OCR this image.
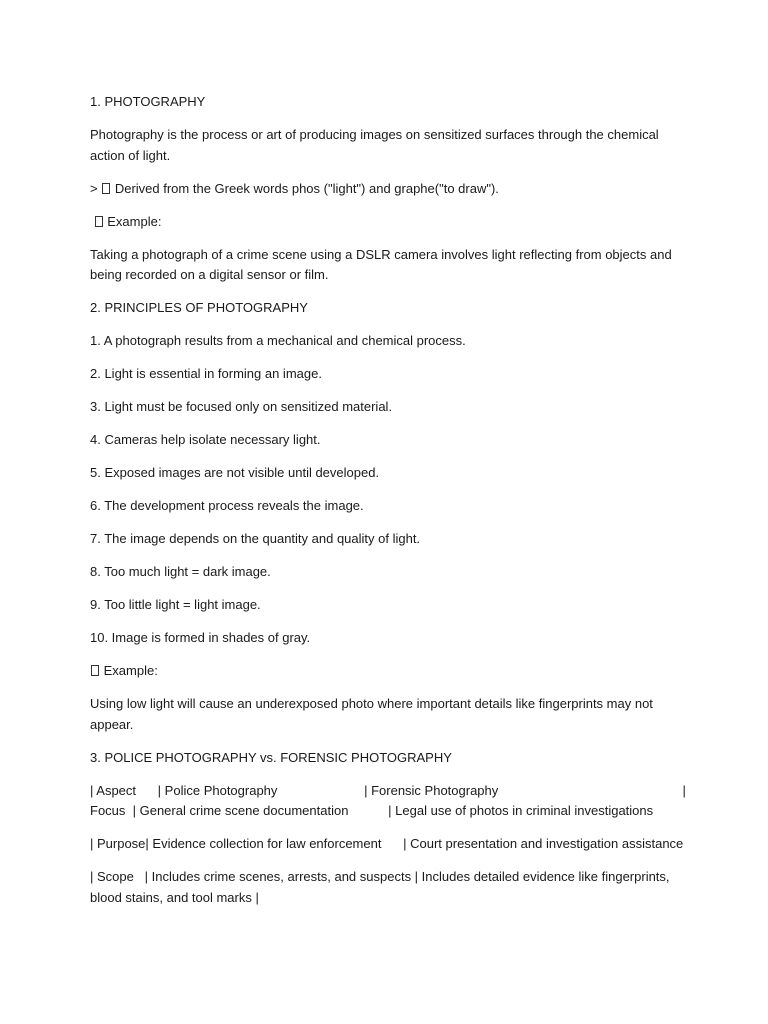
1. PHOTOGRAPHY

Photography is the process or art of producing images on sensitized surfaces through the chemical action of light.

>  Derived from the Greek words phos ("light") and graphe("to draw").

Example:

Taking a photograph of a crime scene using a DSLR camera involves light reflecting from objects and being recorded on a digital sensor or film.

2. PRINCIPLES OF PHOTOGRAPHY

1. A photograph results from a mechanical and chemical process.

2. Light is essential in forming an image.

3. Light must be focused only on sensitized material.

4. Cameras help isolate necessary light.

5. Exposed images are not visible until developed.

6. The development process reveals the image.

7. The image depends on the quantity and quality of light.

8. Too much light = dark image.

9. Too little light = light image.

10. Image is formed in shades of gray.

Example:

Using low light will cause an underexposed photo where important details like fingerprints may not appear.

3. POLICE PHOTOGRAPHY vs. FORENSIC PHOTOGRAPHY

| Aspect      | Police Photography                        | Forensic Photography                                                   | Focus  | General crime scene documentation           | Legal use of photos in criminal investigations

| Purpose| Evidence collection for law enforcement      | Court presentation and investigation assistance

| Scope   | Includes crime scenes, arrests, and suspects | Includes detailed evidence like fingerprints, blood stains, and tool marks |
